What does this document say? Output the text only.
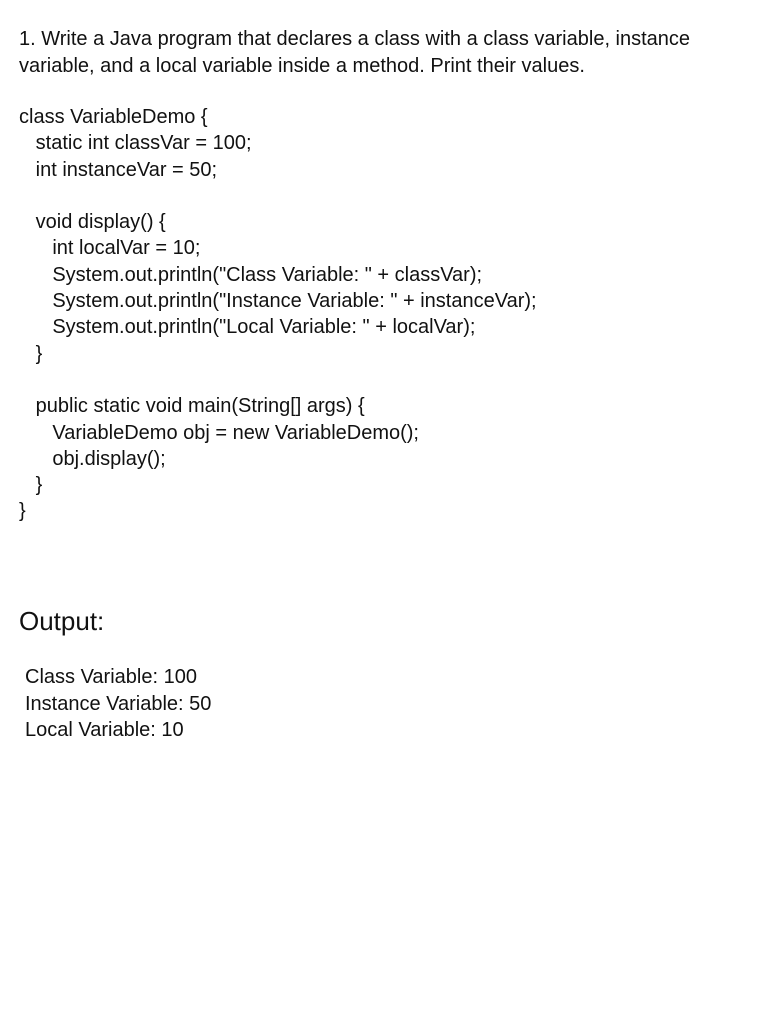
1. Write a Java program that declares a class with a class variable, instance
variable, and a local variable inside a method. Print their values.
class VariableDemo {
static int classVar = 100;
int instanceVar = 50;
void display() {
int localVar = 10;
System.out.println("Class Variable: " + classVar);
System.out.println("Instance Variable: " + instanceVar);
System.out.println("Local Variable: " + localVar);
}
public static void main(String[] args) {
VariableDemo obj = new VariableDemo();
obj.display();
}
}
Output:
Class Variable: 100
Instance Variable: 50
Local Variable: 10
